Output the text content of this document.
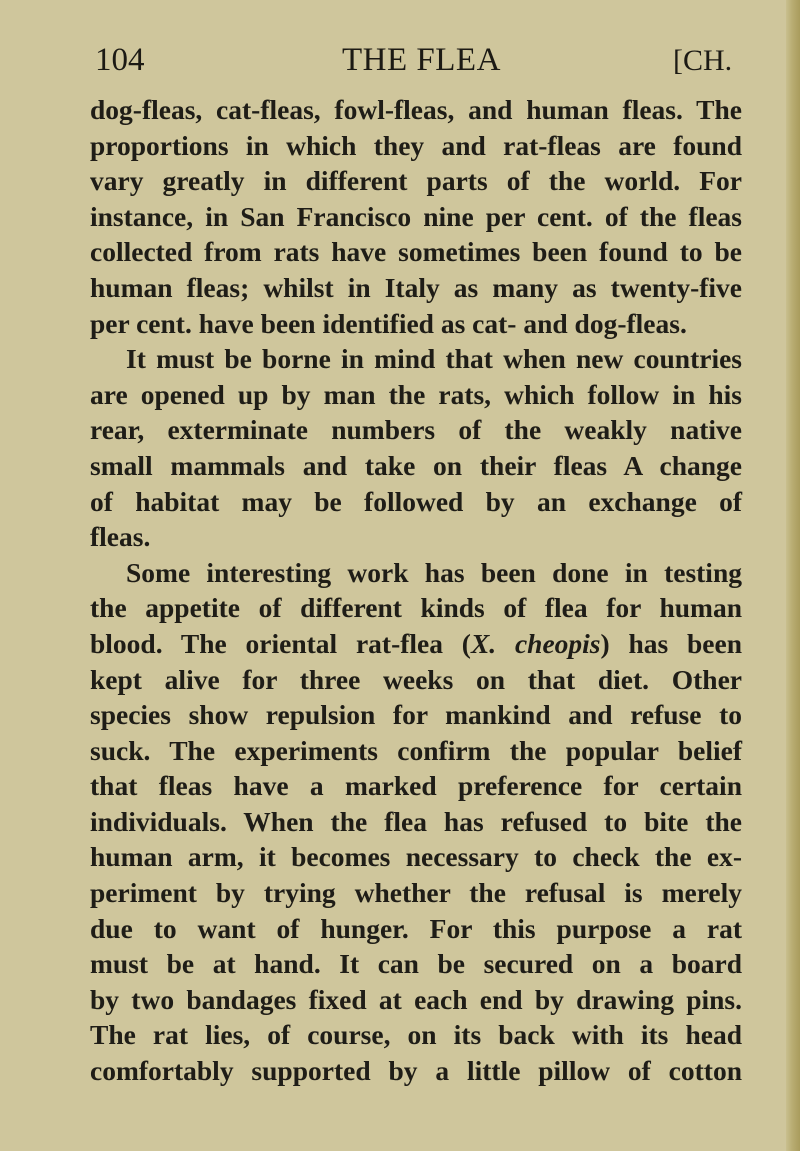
104	THE FLEA	[CH.
dog-fleas, cat-fleas, fowl-fleas, and human fleas. The
proportions in which they and rat-fleas are found
vary greatly in different parts of the world. For
instance, in San Francisco nine per cent. of the fleas
collected from rats have sometimes been found to be
human fleas; whilst in Italy as many as twenty-five
per cent. have been identified as cat- and dog-fleas.
It must be borne in mind that when new countries
are opened up by man the rats, which follow in his
rear, exterminate numbers of the weakly native
small mammals and take on their fleas A change
of habitat may be followed by an exchange of
fleas.
Some interesting work has been done in testing
the appetite of different kinds of flea for human
blood. The oriental rat-flea (X. cheopis) has been
kept alive for three weeks on that diet. Other
species show repulsion for mankind and refuse to
suck. The experiments confirm the popular belief
that fleas have a marked preference for certain
individuals. When the flea has refused to bite the
human arm, it becomes necessary to check the ex-
periment by trying whether the refusal is merely
due to want of hunger. For this purpose a rat
must be at hand. It can be secured on a board
by two bandages fixed at each end by drawing pins.
The rat lies, of course, on its back with its head
comfortably supported by a little pillow of cotton
